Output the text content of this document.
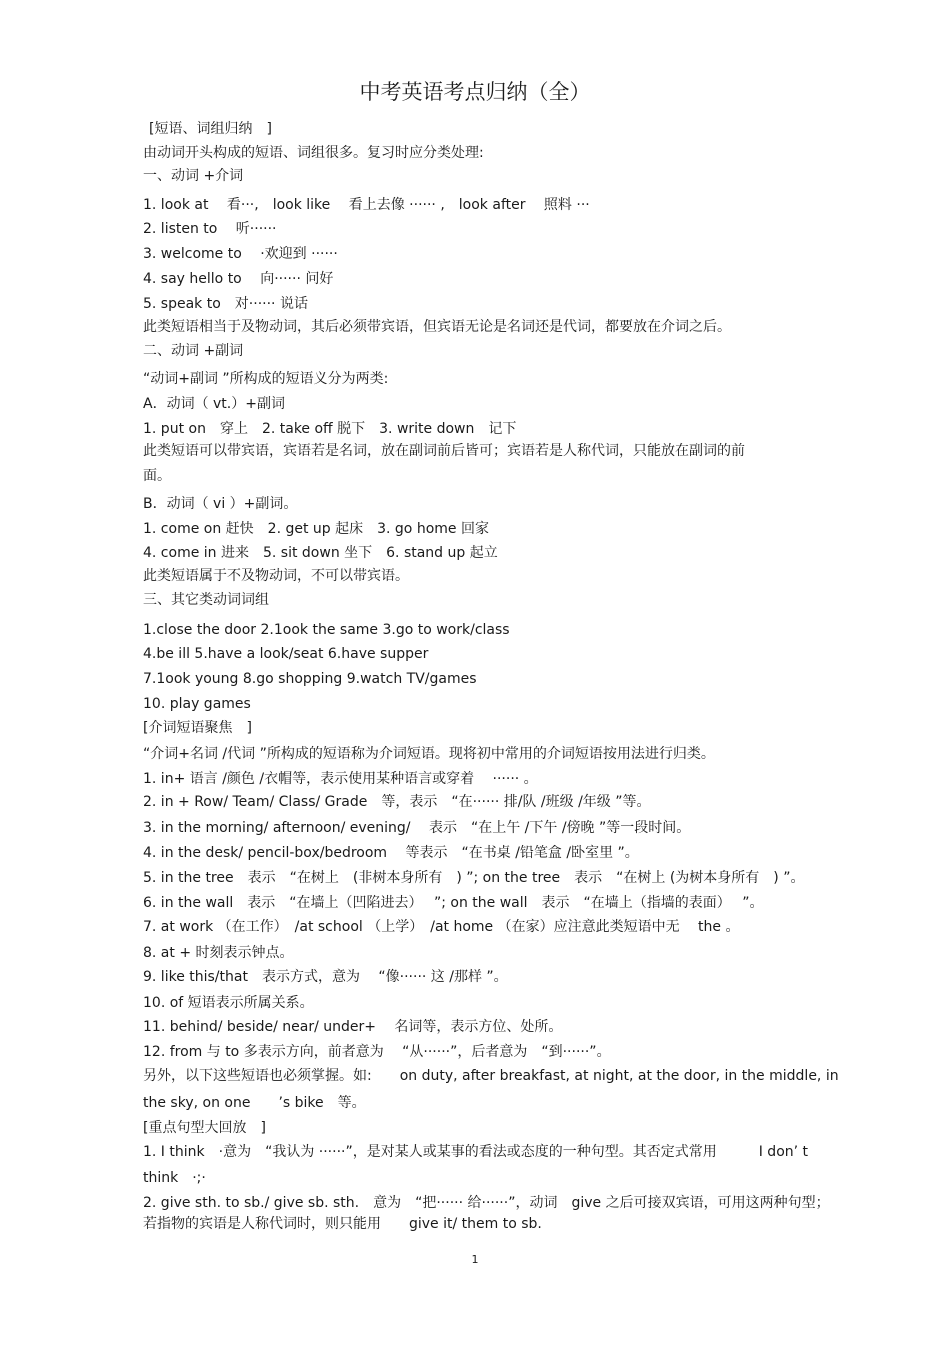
中考英语考点归纳（全）
[短语、词组归纳　]
由动词开头构成的短语、词组很多。复习时应分类处理:
一、动词 +介词
1. look at　 看···,　look like　 看上去像 ······ ,　look after　 照料 ···
2. listen to　 听······
3. welcome to　 ·欢迎到 ······
4. say hello to　 向······ 问好
5. speak to　对······ 说话
此类短语相当于及物动词，其后必须带宾语，但宾语无论是名词还是代词，都要放在介词之后。
二、动词 +副词
“动词+副词 ”所构成的短语义分为两类:
A．动词（ vt.）+副词
1. put on　穿上　2. take off 脱下　3. write down　记下
此类短语可以带宾语，宾语若是名词，放在副词前后皆可；宾语若是人称代词，只能放在副词的前
面。
B．动词（ vi ）+副词。
1. come on 赶快　2. get up 起床　3. go home 回家
4. come in 进来　5. sit down 坐下　6. stand up 起立
此类短语属于不及物动词，不可以带宾语。
三、其它类动词词组
1.close the door 2.1ook the same 3.go to work/class
4.be ill 5.have a look/seat 6.have supper
7.1ook young 8.go shopping 9.watch TV/games
10. play games
[介词短语聚焦　]
“介词+名词 /代词 ”所构成的短语称为介词短语。现将初中常用的介词短语按用法进行归类。
1. in+ 语言 /颜色 /衣帽等，表示使用某种语言或穿着　 ······ 。
2. in + Row/ Team/ Class/ Grade　等，表示　“在······ 排/队 /班级 /年级 ”等。
3. in the morning/ afternoon/ evening/　 表示　“在上午 /下午 /傍晚 ”等一段时间。
4. in the desk/ pencil-box/bedroom　 等表示　“在书桌 /铅笔盒 /卧室里 ”。
5. in the tree　表示　“在树上　(非树本身所有　) ”; on the tree　表示　“在树上 (为树本身所有　) ”。
6. in the wall　表示　“在墙上（凹陷进去）　 ”; on the wall　表示　“在墙上（指墙的表面）　 ”。
7. at work （在工作）　/at school （上学）　/at home （在家）应注意此类短语中无　 the 。
8. at + 时刻表示钟点。
9. like this/that　表示方式，意为　 “像······ 这 /那样 ”。
10. of 短语表示所属关系。
11. behind/ beside/ near/ under+　 名词等，表示方位、处所。
12. from 与 to 多表示方向，前者意为　 “从······”，后者意为　“到······”。
另外，以下这些短语也必须掌握。如:　　on duty, after breakfast, at night, at the door, in the middle, in
the sky, on one　　’s bike　等。
[重点句型大回放　]
1. I think　·意为　“我认为 ······”，是对某人或某事的看法或态度的一种句型。其否定式常用　　　I don’ t
think　·;·
2. give sth. to sb./ give sb. sth.　意为　“把······ 给······”，动词　give 之后可接双宾语，可用这两种句型；
若指物的宾语是人称代词时，则只能用　　give it/ them to sb.
1
